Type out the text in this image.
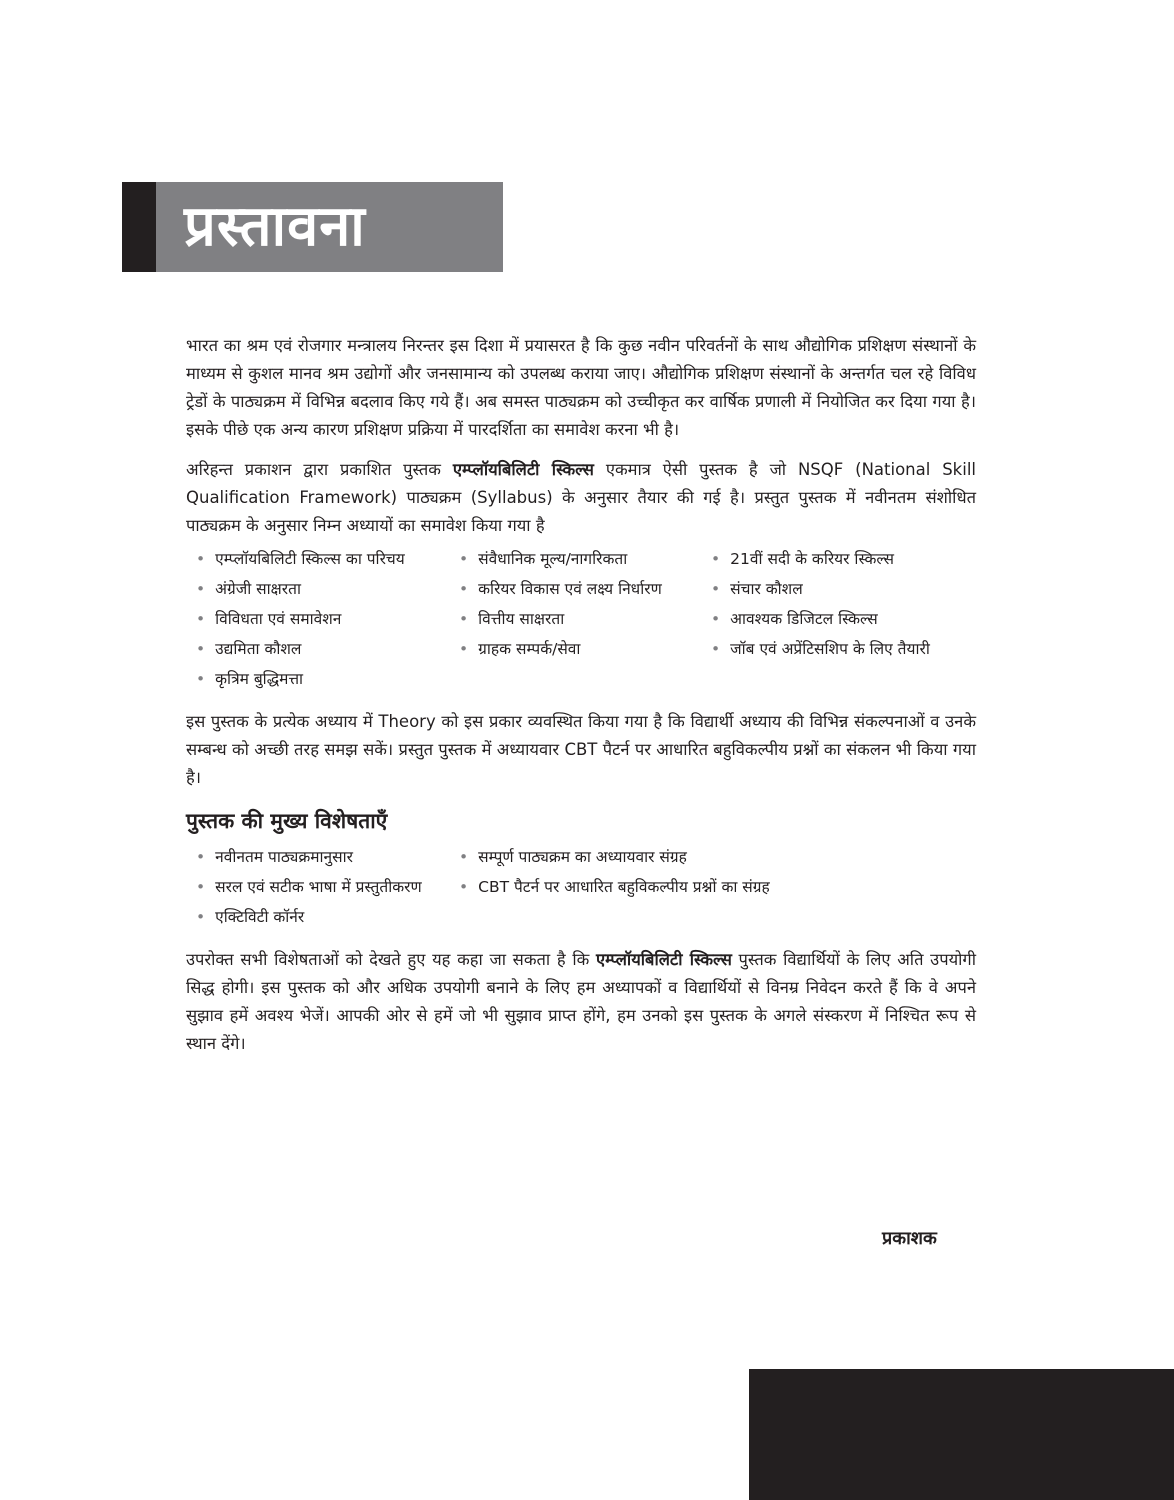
प्रस्तावना

भारत का श्रम एवं रोजगार मन्त्रालय निरन्तर इस दिशा में प्रयासरत है कि कुछ नवीन परिवर्तनों के साथ औद्योगिक प्रशिक्षण संस्थानों के माध्यम से कुशल मानव श्रम उद्योगों और जनसामान्य को उपलब्ध कराया जाए। औद्योगिक प्रशिक्षण संस्थानों के अन्तर्गत चल रहे विविध ट्रेडों के पाठ्यक्रम में विभिन्न बदलाव किए गये हैं। अब समस्त पाठ्यक्रम को उच्चीकृत कर वार्षिक प्रणाली में नियोजित कर दिया गया है। इसके पीछे एक अन्य कारण प्रशिक्षण प्रक्रिया में पारदर्शिता का समावेश करना भी है।

अरिहन्त प्रकाशन द्वारा प्रकाशित पुस्तक एम्प्लॉयबिलिटी स्किल्स एकमात्र ऐसी पुस्तक है जो NSQF (National Skill Qualification Framework) पाठ्यक्रम (Syllabus) के अनुसार तैयार की गई है। प्रस्तुत पुस्तक में नवीनतम संशोधित पाठ्यक्रम के अनुसार निम्न अध्यायों का समावेश किया गया है

• एम्प्लॉयबिलिटी स्किल्स का परिचय	• संवैधानिक मूल्य/नागरिकता	• 21वीं सदी के करियर स्किल्स
• अंग्रेजी साक्षरता	• करियर विकास एवं लक्ष्य निर्धारण	• संचार कौशल
• विविधता एवं समावेशन	• वित्तीय साक्षरता	• आवश्यक डिजिटल स्किल्स
• उद्यमिता कौशल	• ग्राहक सम्पर्क/सेवा	• जॉब एवं अप्रेंटिसशिप के लिए तैयारी
• कृत्रिम बुद्धिमत्ता

इस पुस्तक के प्रत्येक अध्याय में Theory को इस प्रकार व्यवस्थित किया गया है कि विद्यार्थी अध्याय की विभिन्न संकल्पनाओं व उनके सम्बन्ध को अच्छी तरह समझ सकें। प्रस्तुत पुस्तक में अध्यायवार CBT पैटर्न पर आधारित बहुविकल्पीय प्रश्नों का संकलन भी किया गया है।

पुस्तक की मुख्य विशेषताएँ
• नवीनतम पाठ्यक्रमानुसार	• सम्पूर्ण पाठ्यक्रम का अध्यायवार संग्रह
• सरल एवं सटीक भाषा में प्रस्तुतीकरण	• CBT पैटर्न पर आधारित बहुविकल्पीय प्रश्नों का संग्रह
• एक्टिविटी कॉर्नर

उपरोक्त सभी विशेषताओं को देखते हुए यह कहा जा सकता है कि एम्प्लॉयबिलिटी स्किल्स पुस्तक विद्यार्थियों के लिए अति उपयोगी सिद्ध होगी। इस पुस्तक को और अधिक उपयोगी बनाने के लिए हम अध्यापकों व विद्यार्थियों से विनम्र निवेदन करते हैं कि वे अपने सुझाव हमें अवश्य भेजें। आपकी ओर से हमें जो भी सुझाव प्राप्त होंगे, हम उनको इस पुस्तक के अगले संस्करण में निश्चित रूप से स्थान देंगे।

प्रकाशक
